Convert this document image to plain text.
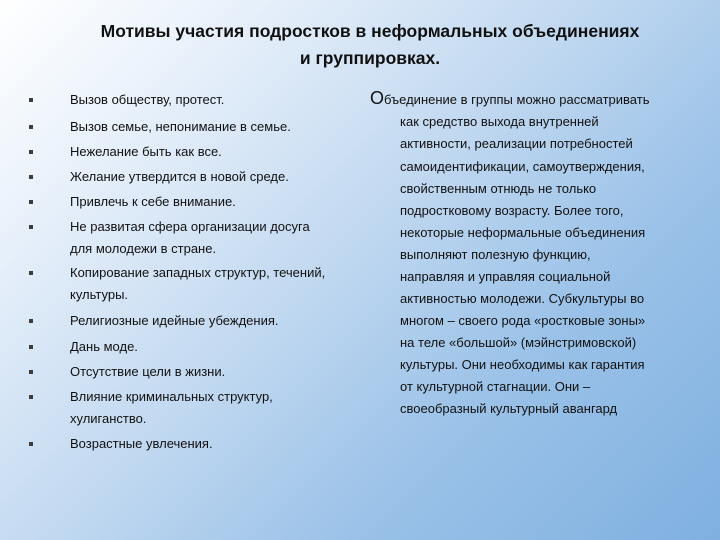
Мотивы участия подростков в неформальных объединениях
и группировках.
Вызов обществу, протест.
Вызов семье, непонимание в семье.
Нежелание быть как все.
Желание утвердится в новой среде.
Привлечь к себе внимание.
Не развитая сфера организации досуга
для молодежи в стране.
Копирование западных структур, течений,
культуры.
Религиозные идейные убеждения.
Дань моде.
Отсутствие цели в жизни.
Влияние криминальных структур,
хулиганство.
Возрастные увлечения.
Объединение в группы можно рассматривать
как средство выхода внутренней
активности, реализации потребностей
самоидентификации, самоутверждения,
свойственным отнюдь не только
подростковому возрасту. Более того,
некоторые неформальные объединения
выполняют полезную функцию,
направляя и управляя социальной
активностью молодежи. Субкультуры во
многом – своего рода «ростковые зоны»
на теле «большой» (мэйнстримовской)
культуры. Они необходимы как гарантия
от культурной стагнации. Они –
своеобразный культурный авангард
